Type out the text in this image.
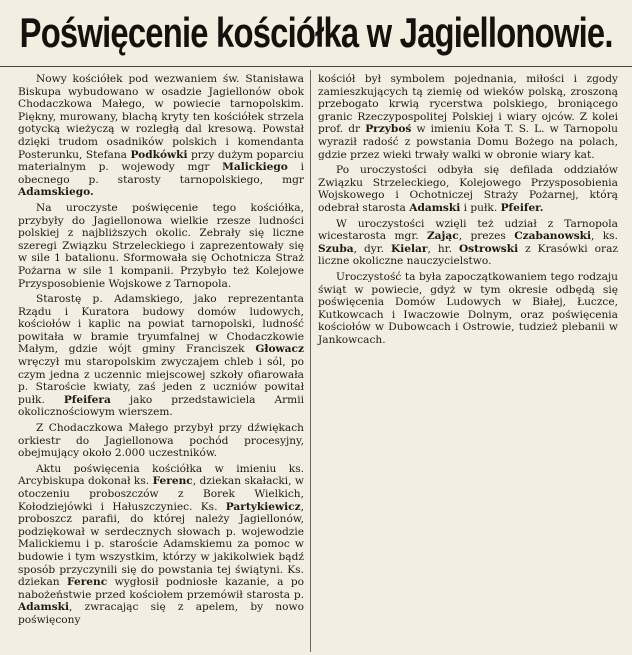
Poświęcenie kościółka w Jagiellonowie.

Nowy kościółek pod wezwaniem św. Stanisława Biskupa wybudowano w osadzie Jagiellonów obok Chodaczkowa Małego, w powiecie tarnopolskim. Piękny, murowany, blachą kryty ten kościółek strzela gotycką wieżyczą w rozległą dal kresową. Powstał dzięki trudom osadników polskich i komendanta Posterunku, Stefana Podkówki przy dużym poparciu materialnym p. wojewody mgr Malickiego i obecnego p. starosty tarnopolskiego, mgr Adamskiego.

Na uroczyste poświęcenie tego kościółka, przybyły do Jagiellonowa wielkie rzesze ludności polskiej z najbliższych okolic. Zebrały się liczne szeregi Związku Strzeleckiego i zaprezentowały się w sile 1 batalionu. Sformowała się Ochotnicza Straż Pożarna w sile 1 kompanii. Przybyło też Kolejowe Przysposobienie Wojskowe z Tarnopola.

Starostę p. Adamskiego, jako reprezentanta Rządu i Kuratora budowy domów ludowych, kościołów i kaplic na powiat tarnopolski, ludność powitała w bramie tryumfalnej w Chodaczkowie Małym, gdzie wójt gminy Franciszek Głowacz wręczył mu staropolskim zwyczajem chleb i sól, po czym jedna z uczennic miejscowej szkoły ofiarowała p. Staroście kwiaty, zaś jeden z uczniów powitał pułk. Pfeifera jako przedstawiciela Armii okolicznościowym wierszem.

Z Chodaczkowa Małego przybył przy dźwiękach orkiestr do Jagiellonowa pochód procesyjny, obejmujący około 2.000 uczestników.

Aktu poświęcenia kościółka w imieniu ks. Arcybiskupa dokonał ks. Ferenc, dziekan skałacki, w otoczeniu proboszczów z Borek Wielkich, Kołodziejówki i Hałuszczyniec. Ks. Partykiewicz, proboszcz parafii, do której należy Jagiellonów, podziękował w serdecznych słowach p. wojewodzie Malickiemu i p. staroście Adamskiemu za pomoc w budowie i tym wszystkim, którzy w jakikolwiek bądź sposób przyczynili się do powstania tej świątyni. Ks. dziekan Ferenc wygłosił podniosłe kazanie, a po nabożeństwie przed kościołem przemówił starosta p. Adamski, zwracając się z apelem, by nowo poświęcony

kościół był symbolem pojednania, miłości i zgody zamieszkujących tą ziemię od wieków polską, zroszoną przebogato krwią rycerstwa polskiego, broniącego granic Rzeczypospolitej Polskiej i wiary ojców. Z kolei prof. dr Przyboś w imieniu Koła T. S. L. w Tarnopolu wyraził radość z powstania Domu Bożego na polach, gdzie przez wieki trwały walki w obronie wiary kat.

Po uroczystości odbyła się defilada oddziałów Związku Strzeleckiego, Kolejowego Przysposobienia Wojskowego i Ochotniczej Straży Pożarnej, którą odebrał starosta Adamski i pułk. Pfeifer.

W uroczystości wzięli też udział z Tarnopola wicestarosta mgr. Zając, prezes Czabanowski, ks. Szuba, dyr. Kielar, hr. Ostrowski z Krasówki oraz liczne okoliczne nauczycielstwo.

Uroczystość ta była zapoczątkowaniem tego rodzaju świąt w powiecie, gdyż w tym okresie odbędą się poświęcenia Domów Ludowych w Białej, Łuczce, Kutkowcach i Iwaczowie Dolnym, oraz poświęcenia kościołów w Dubowcach i Ostrowie, tudzież plebanii w Jankowcach.
